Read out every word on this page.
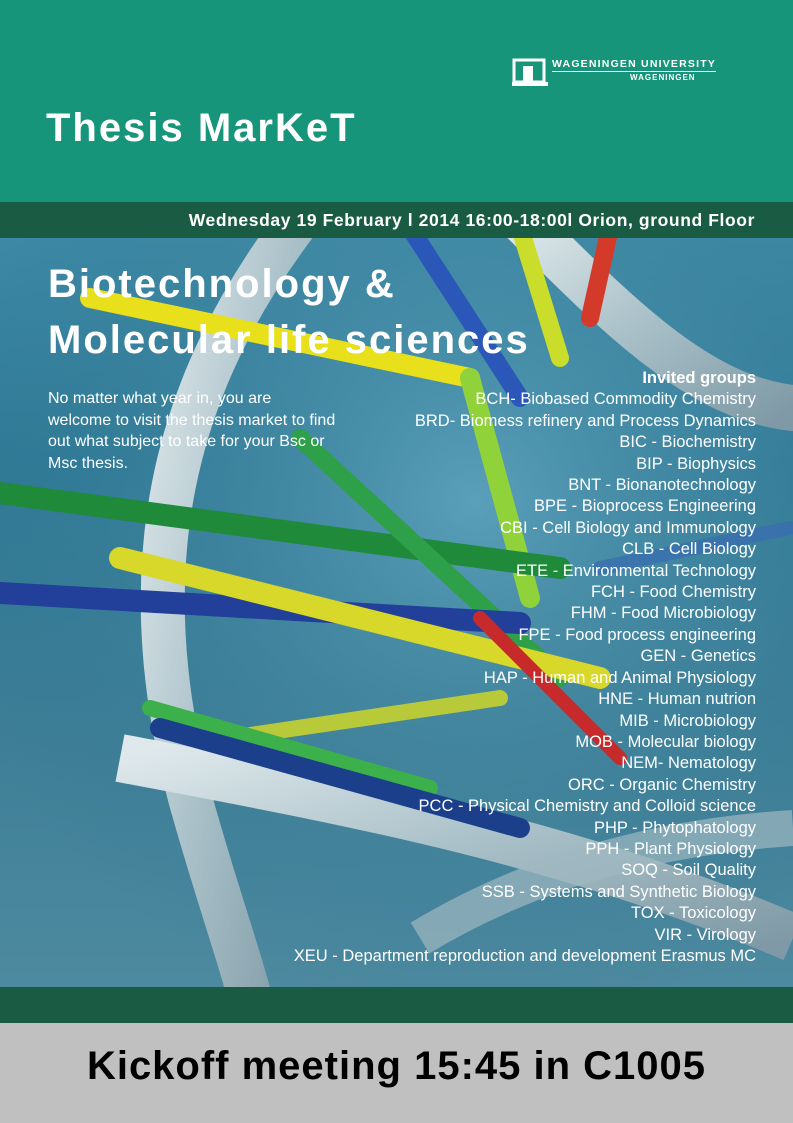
WAGENINGEN UNIVERSITY
WAGENINGEN
Thesis MarKeT
Wednesday 19 February l 2014 16:00-18:00l Orion, ground Floor
Biotechnology &
Molecular life sciences
No matter what year in, you are welcome to visit the thesis market to find out what subject to take for your Bsc or Msc thesis.
Invited groups
BCH- Biobased Commodity Chemistry
BRD- Biomess refinery and Process Dynamics
BIC - Biochemistry
BIP - Biophysics
BNT - Bionanotechnology
BPE - Bioprocess Engineering
CBI - Cell Biology and Immunology
CLB - Cell Biology
ETE - Environmental Technology
FCH - Food Chemistry
FHM - Food Microbiology
FPE - Food process engineering
GEN - Genetics
HAP - Human and Animal Physiology
HNE - Human nutrion
MIB - Microbiology
MOB - Molecular biology
NEM- Nematology
ORC - Organic Chemistry
PCC - Physical Chemistry and Colloid science
PHP - Phytophatology
PPH - Plant Physiology
SOQ - Soil Quality
SSB - Systems and Synthetic Biology
TOX - Toxicology
VIR - Virology
XEU - Department reproduction and development Erasmus MC
Kickoff meeting 15:45 in C1005
